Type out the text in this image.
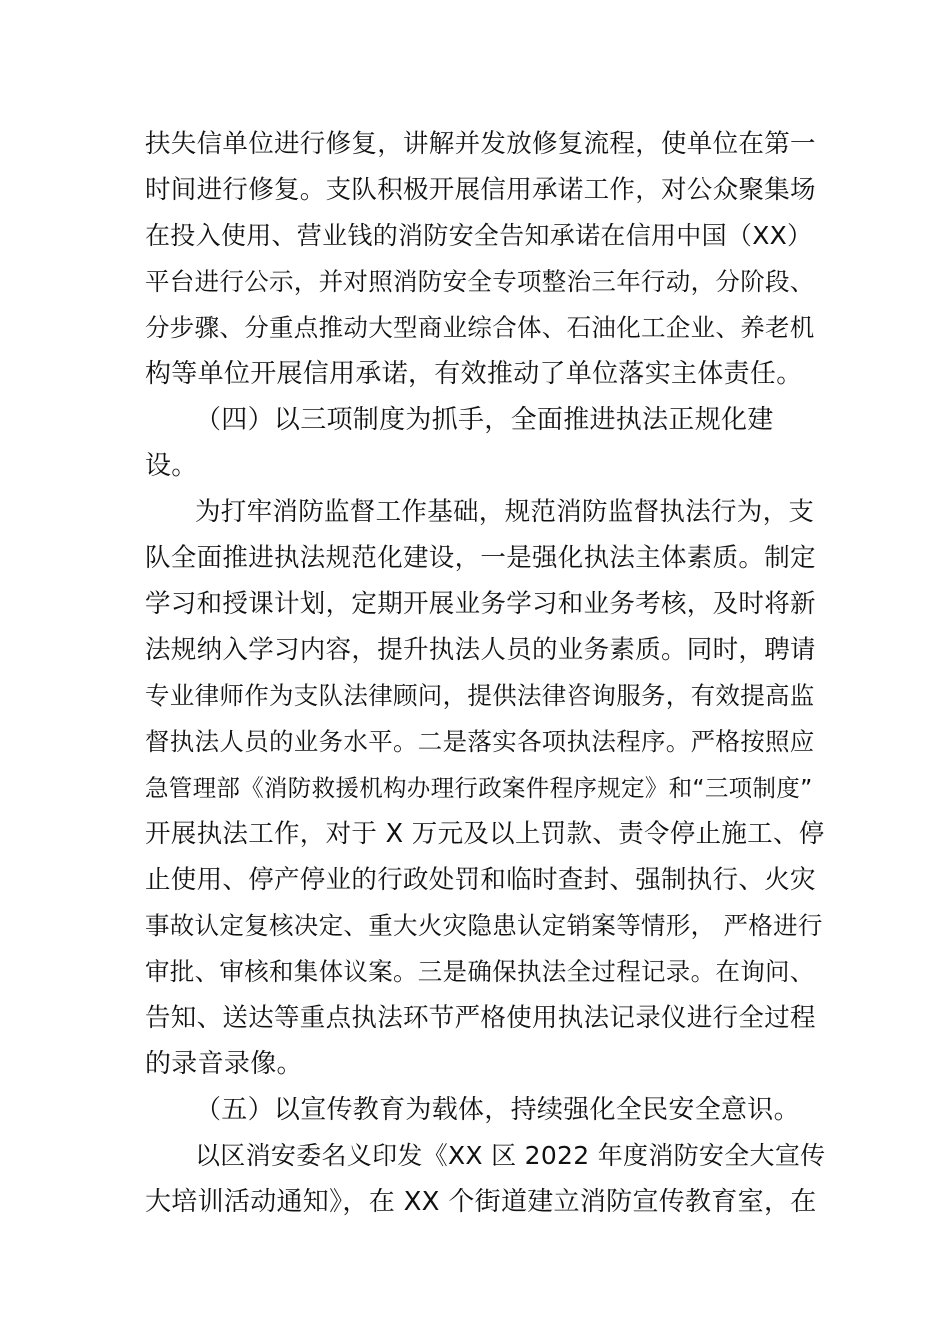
扶失信单位进行修复，讲解并发放修复流程，使单位在第一
时间进行修复。支队积极开展信用承诺工作，对公众聚集场
在投入使用、营业钱的消防安全告知承诺在信用中国（XX）
平台进行公示，并对照消防安全专项整治三年行动，分阶段、
分步骤、分重点推动大型商业综合体、石油化工企业、养老机
构等单位开展信用承诺，有效推动了单位落实主体责任。
（四）以三项制度为抓手，全面推进执法正规化建
设。
为打牢消防监督工作基础，规范消防监督执法行为，支
队全面推进执法规范化建设，一是强化执法主体素质。制定
学习和授课计划，定期开展业务学习和业务考核，及时将新
法规纳入学习内容，提升执法人员的业务素质。同时，聘请
专业律师作为支队法律顾问，提供法律咨询服务，有效提高监
督执法人员的业务水平。二是落实各项执法程序。严格按照应
急管理部《消防救援机构办理行政案件程序规定》和“三项制度”
开展执法工作，对于 X 万元及以上罚款、责令停止施工、停
止使用、停产停业的行政处罚和临时查封、强制执行、火灾
事故认定复核决定、重大火灾隐患认定销案等情形， 严格进行
审批、审核和集体议案。三是确保执法全过程记录。在询问、
告知、送达等重点执法环节严格使用执法记录仪进行全过程
的录音录像。
（五）以宣传教育为载体，持续强化全民安全意识。
以区消安委名义印发《XX 区 2022 年度消防安全大宣传
大培训活动通知》，在 XX 个街道建立消防宣传教育室，在
